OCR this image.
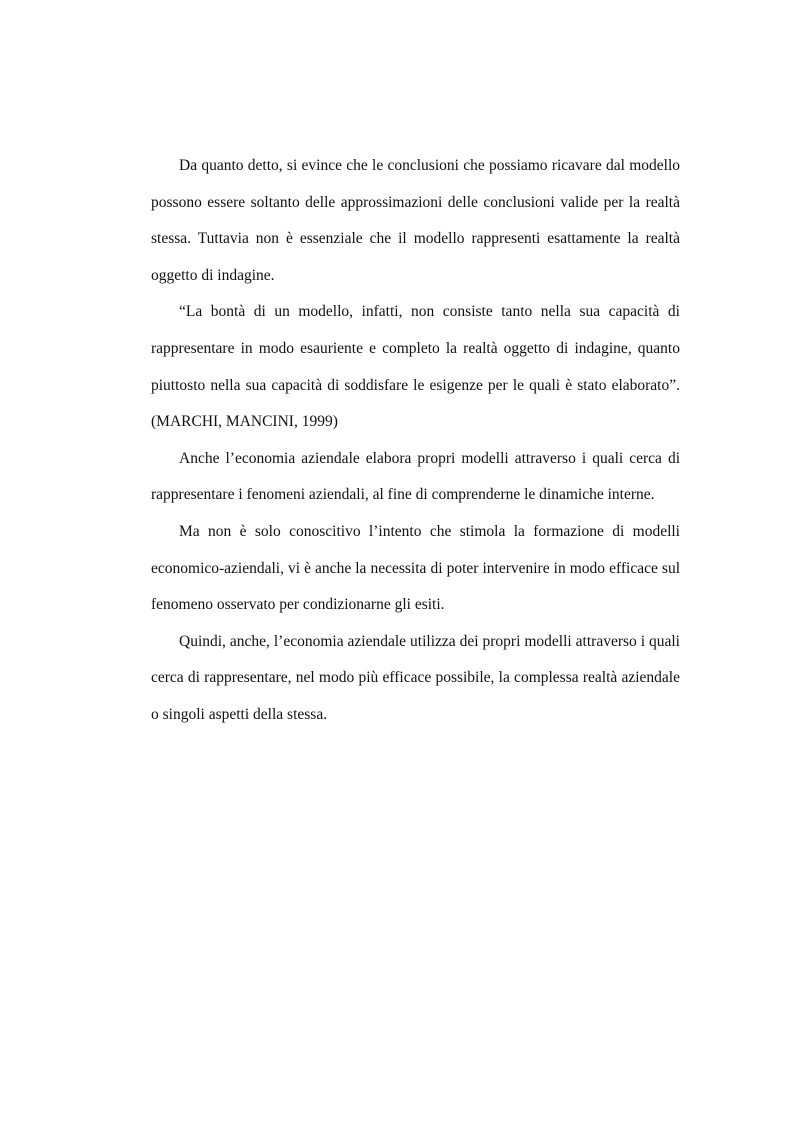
Da quanto detto, si evince che le conclusioni che possiamo ricavare dal modello possono essere soltanto delle approssimazioni delle conclusioni valide per la realtà stessa. Tuttavia non è essenziale che il modello rappresenti esattamente la realtà oggetto di indagine.

“La bontà di un modello, infatti, non consiste tanto nella sua capacità di rappresentare in modo esauriente e completo la realtà oggetto di indagine, quanto piuttosto nella sua capacità di soddisfare le esigenze per le quali è stato elaborato”.(MARCHI, MANCINI, 1999)

Anche l’economia aziendale elabora propri modelli attraverso i quali cerca di rappresentare i fenomeni aziendali, al fine di comprenderne le dinamiche interne.

Ma non è solo conoscitivo l’intento che stimola la formazione di modelli economico-aziendali, vi è anche la necessita di poter intervenire in modo efficace sul fenomeno osservato per condizionarne gli esiti.

Quindi, anche, l’economia aziendale utilizza dei propri modelli attraverso i quali cerca di rappresentare, nel modo più efficace possibile, la complessa realtà aziendale o singoli aspetti della stessa.
